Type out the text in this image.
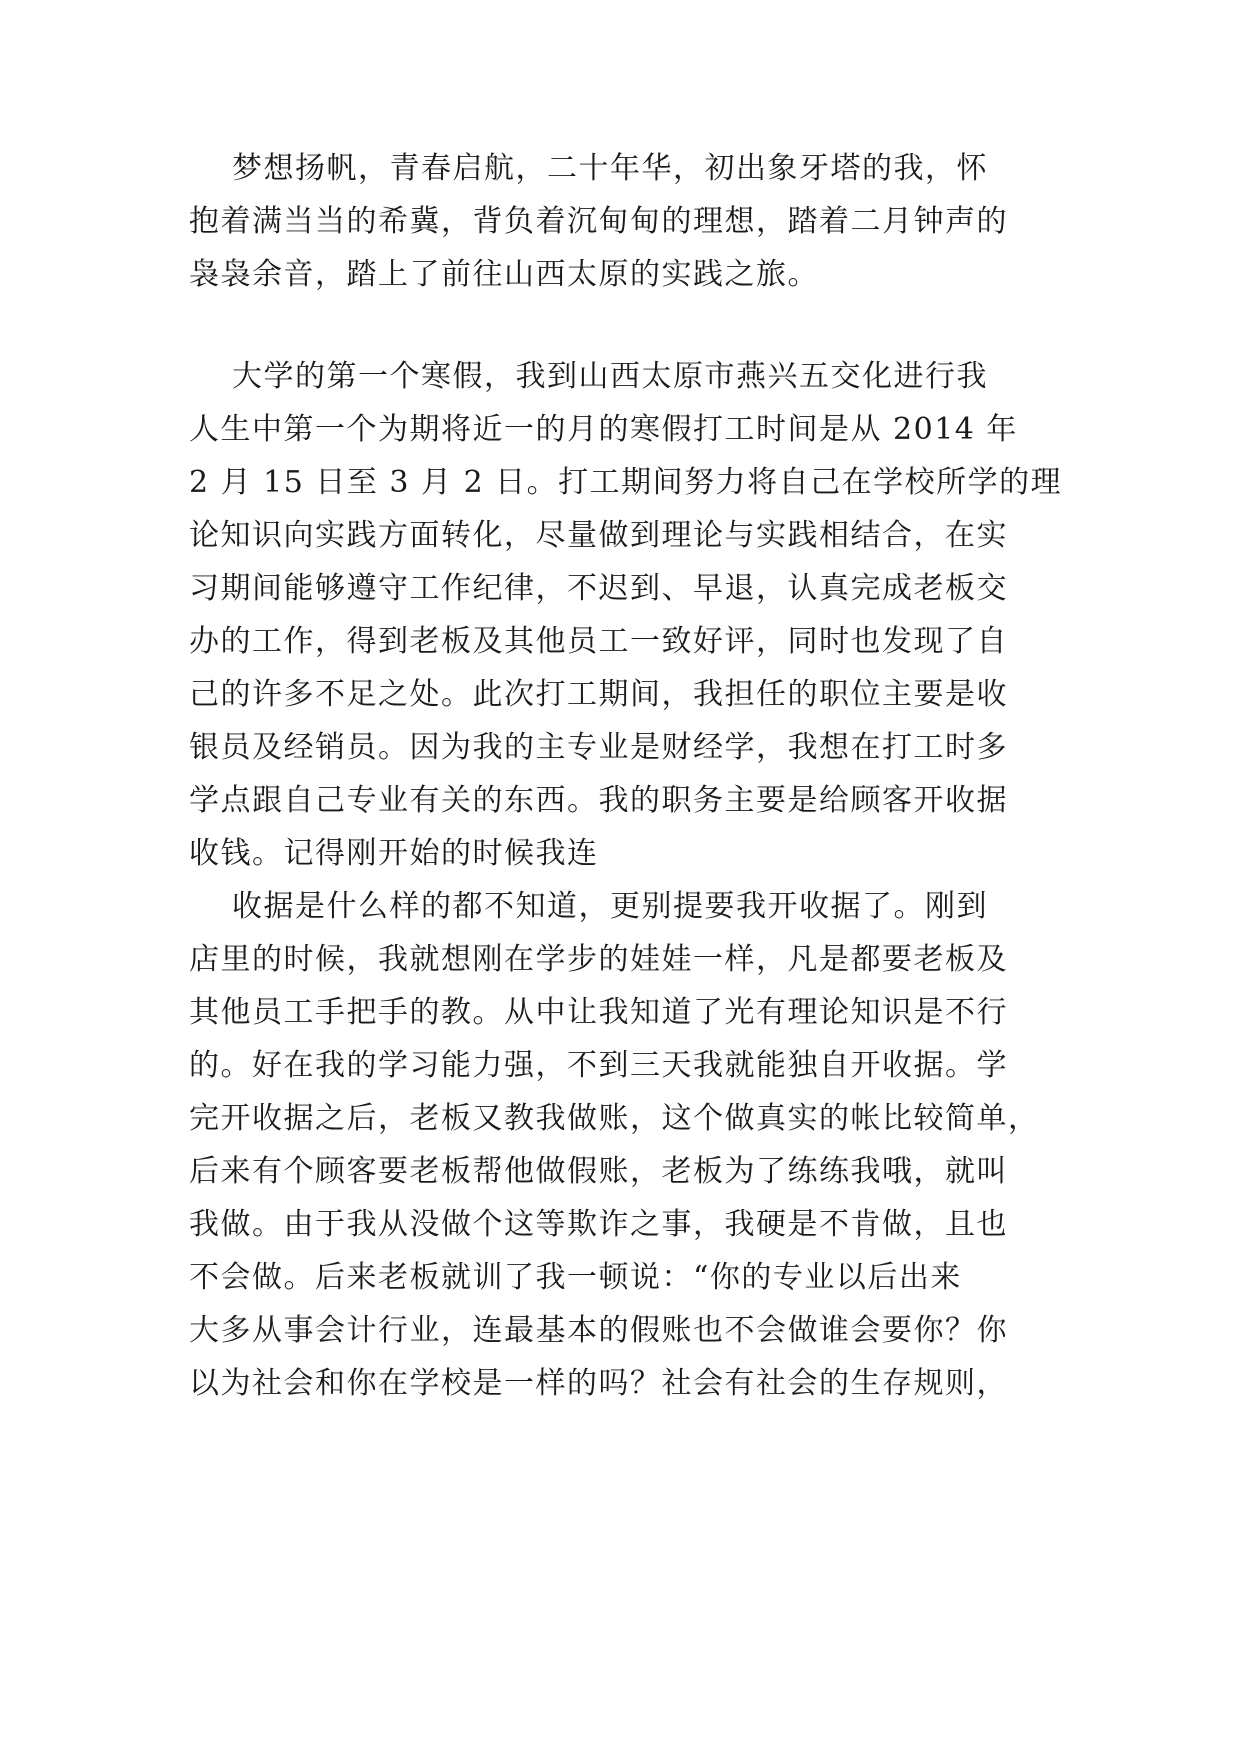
梦想扬帆，青春启航，二十年华，初出象牙塔的我，怀
抱着满当当的希冀，背负着沉甸甸的理想，踏着二月钟声的
袅袅余音，踏上了前往山西太原的实践之旅。
大学的第一个寒假，我到山西太原市燕兴五交化进行我
人生中第一个为期将近一的月的寒假打工时间是从 2014 年
2 月 15 日至 3 月 2 日。打工期间努力将自己在学校所学的理
论知识向实践方面转化，尽量做到理论与实践相结合，在实
习期间能够遵守工作纪律，不迟到、早退，认真完成老板交
办的工作，得到老板及其他员工一致好评，同时也发现了自
己的许多不足之处。此次打工期间，我担任的职位主要是收
银员及经销员。因为我的主专业是财经学，我想在打工时多
学点跟自己专业有关的东西。我的职务主要是给顾客开收据
收钱。记得刚开始的时候我连
收据是什么样的都不知道，更别提要我开收据了。刚到
店里的时候，我就想刚在学步的娃娃一样，凡是都要老板及
其他员工手把手的教。从中让我知道了光有理论知识是不行
的。好在我的学习能力强，不到三天我就能独自开收据。学
完开收据之后，老板又教我做账，这个做真实的帐比较简单，
后来有个顾客要老板帮他做假账，老板为了练练我哦，就叫
我做。由于我从没做个这等欺诈之事，我硬是不肯做，且也
不会做。后来老板就训了我一顿说：“你的专业以后出来
大多从事会计行业，连最基本的假账也不会做谁会要你？你
以为社会和你在学校是一样的吗？社会有社会的生存规则，
